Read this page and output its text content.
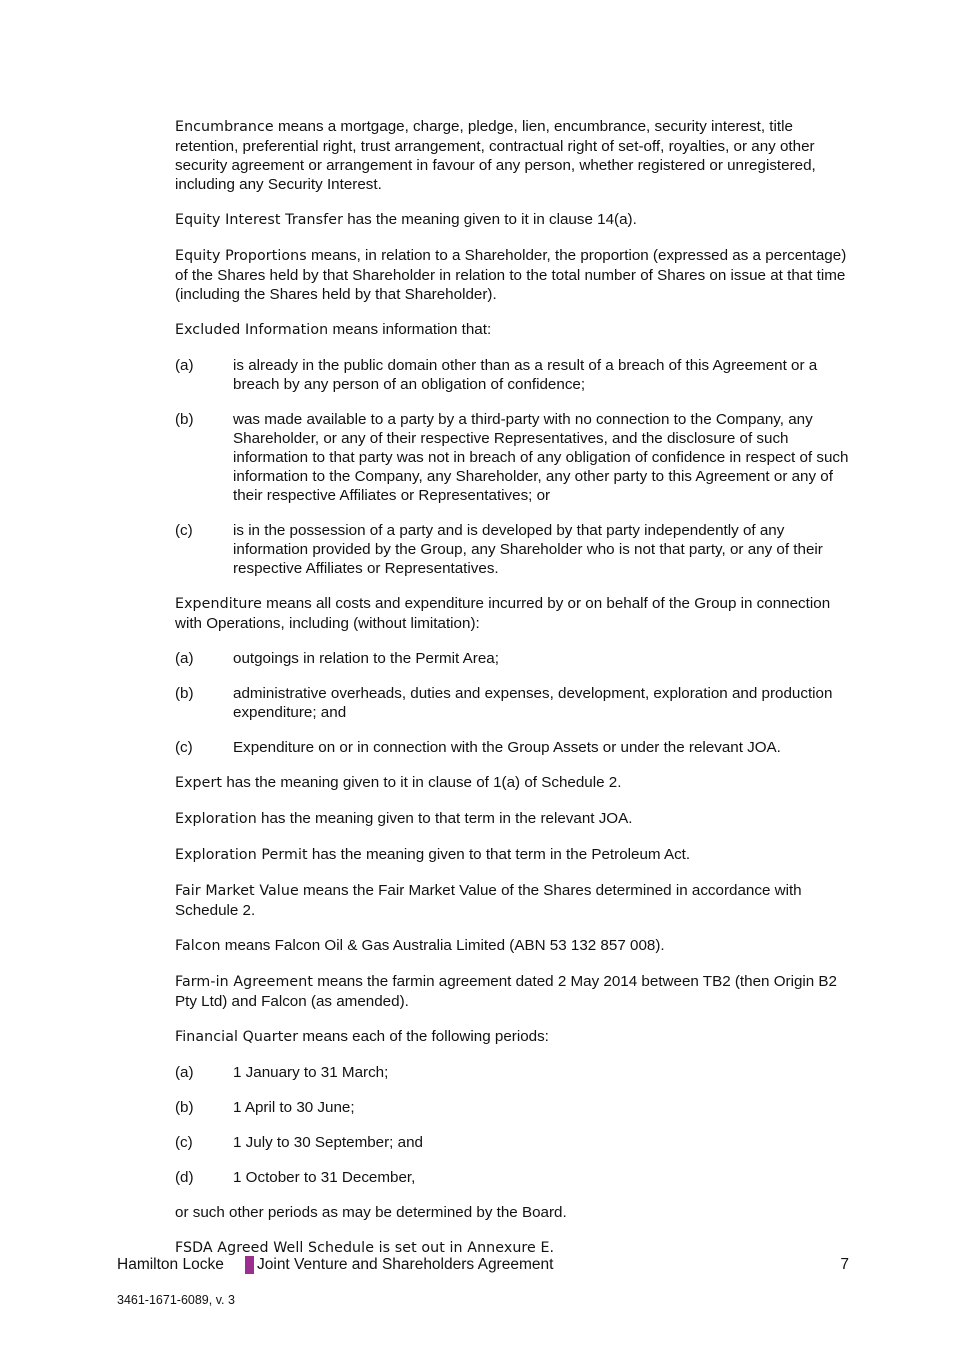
Encumbrance means a mortgage, charge, pledge, lien, encumbrance, security interest, title retention, preferential right, trust arrangement, contractual right of set-off, royalties, or any other security agreement or arrangement in favour of any person, whether registered or unregistered, including any Security Interest.

Equity Interest Transfer has the meaning given to it in clause 14(a).

Equity Proportions means, in relation to a Shareholder, the proportion (expressed as a percentage) of the Shares held by that Shareholder in relation to the total number of Shares on issue at that time (including the Shares held by that Shareholder).

Excluded Information means information that:

(a)	is already in the public domain other than as a result of a breach of this Agreement or a breach by any person of an obligation of confidence;
(b)	was made available to a party by a third-party with no connection to the Company, any Shareholder, or any of their respective Representatives, and the disclosure of such information to that party was not in breach of any obligation of confidence in respect of such information to the Company, any Shareholder, any other party to this Agreement or any of their respective Affiliates or Representatives; or
(c)	is in the possession of a party and is developed by that party independently of any information provided by the Group, any Shareholder who is not that party, or any of their respective Affiliates or Representatives.

Expenditure means all costs and expenditure incurred by or on behalf of the Group in connection with Operations, including (without limitation):

(a)	outgoings in relation to the Permit Area;
(b)	administrative overheads, duties and expenses, development, exploration and production expenditure; and
(c)	Expenditure on or in connection with the Group Assets or under the relevant JOA.

Expert has the meaning given to it in clause of 1(a) of Schedule 2.

Exploration has the meaning given to that term in the relevant JOA.

Exploration Permit has the meaning given to that term in the Petroleum Act.

Fair Market Value means the Fair Market Value of the Shares determined in accordance with Schedule 2.

Falcon means Falcon Oil & Gas Australia Limited (ABN 53 132 857 008).

Farm-in Agreement means the farmin agreement dated 2 May 2014 between TB2 (then Origin B2 Pty Ltd) and Falcon (as amended).

Financial Quarter means each of the following periods:

(a)	1 January to 31 March;
(b)	1 April to 30 June;
(c)	1 July to 30 September; and
(d)	1 October to 31 December,

or such other periods as may be determined by the Board.

FSDA Agreed Well Schedule is set out in Annexure E.

Hamilton Locke Joint Venture and Shareholders Agreement	7
3461-1671-6089, v. 3
